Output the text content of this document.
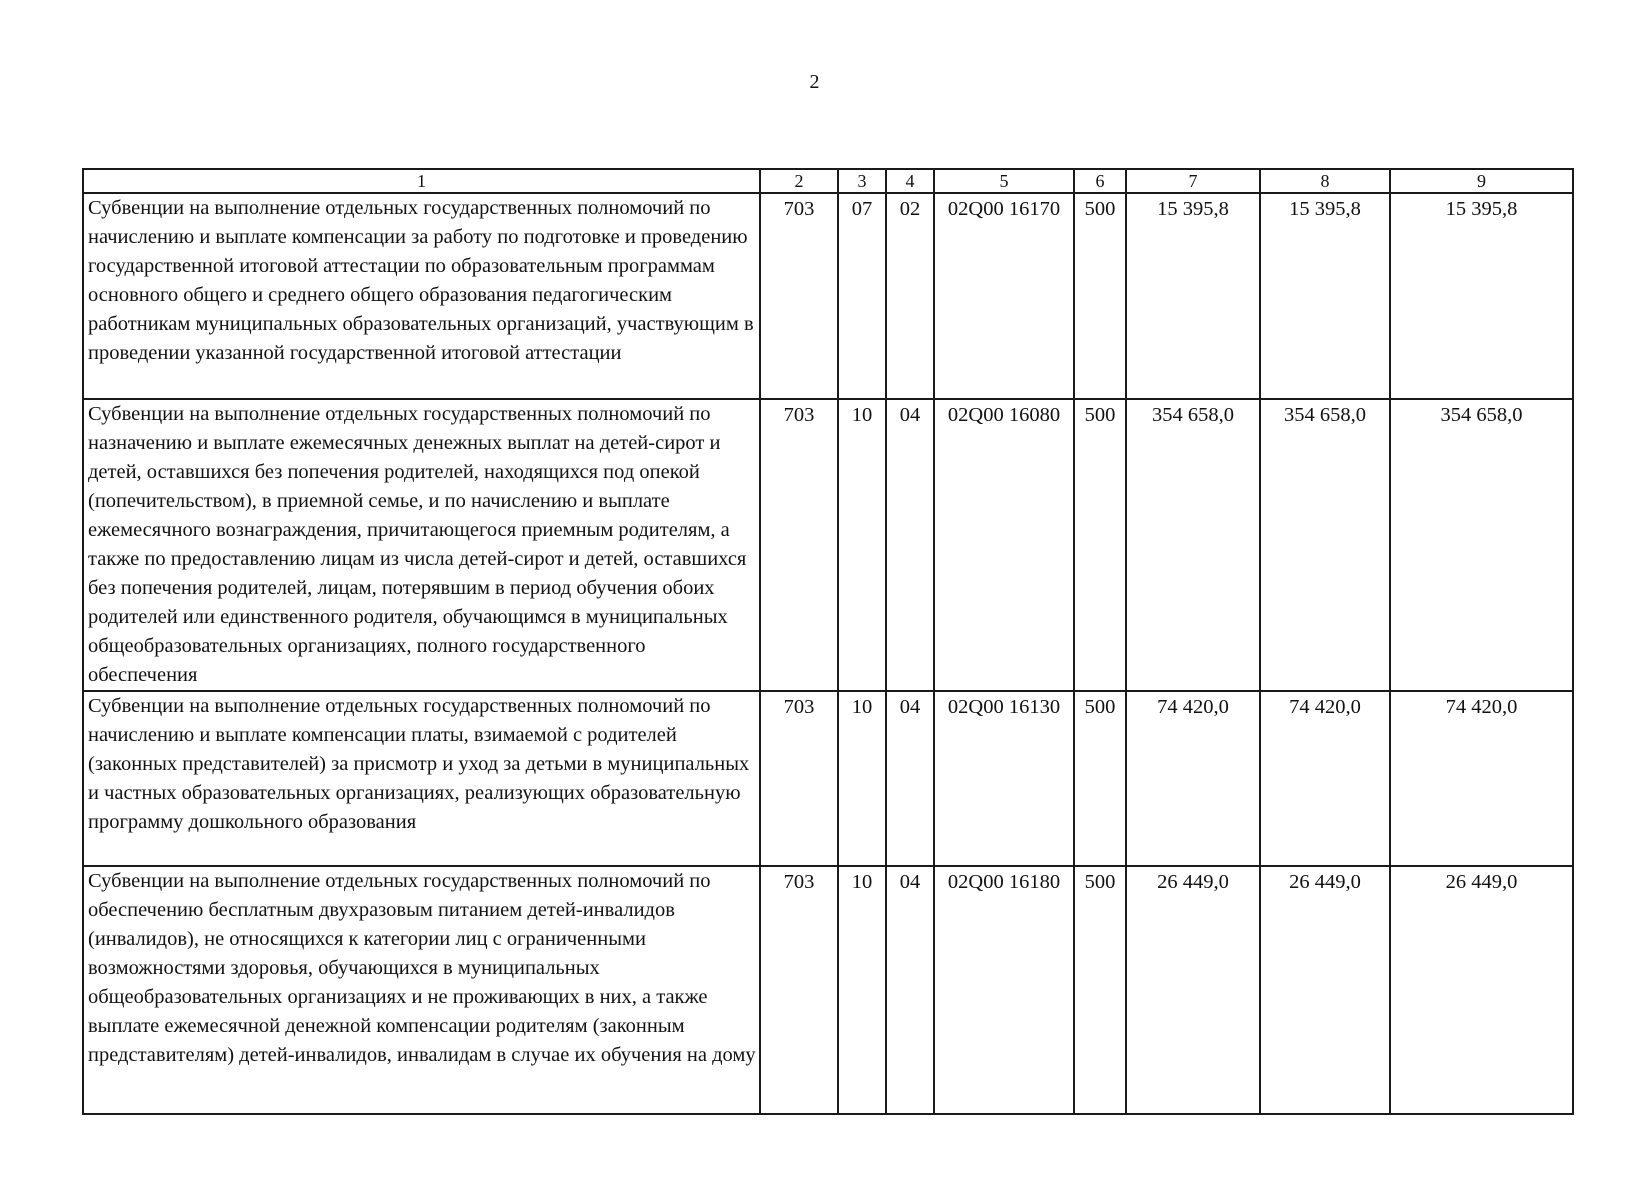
2
1	2	3	4	5	6	7	8	9
Субвенции на выполнение отдельных государственных полномочий по начислению и выплате компенсации за работу по подготовке и проведению государственной итоговой аттестации по образовательным программам основного общего и среднего общего образования педагогическим работникам муниципальных образовательных организаций, участвующим в проведении указанной государственной итоговой аттестации	703	07	02	02Q00 16170	500	15 395,8	15 395,8	15 395,8
Субвенции на выполнение отдельных государственных полномочий по назначению и выплате ежемесячных денежных выплат на детей-сирот и детей, оставшихся без попечения родителей, находящихся под опекой (попечительством), в приемной семье, и по начислению и выплате ежемесячного вознаграждения, причитающегося приемным родителям, а также по предоставлению лицам из числа детей-сирот и детей, оставшихся без попечения родителей, лицам, потерявшим в период обучения обоих родителей или единственного родителя, обучающимся в муниципальных общеобразовательных организациях, полного государственного обеспечения	703	10	04	02Q00 16080	500	354 658,0	354 658,0	354 658,0
Субвенции на выполнение отдельных государственных полномочий по начислению и выплате компенсации платы, взимаемой с родителей (законных представителей) за присмотр и уход за детьми в муниципальных и частных образовательных организациях, реализующих образовательную программу дошкольного образования	703	10	04	02Q00 16130	500	74 420,0	74 420,0	74 420,0
Субвенции на выполнение отдельных государственных полномочий по обеспечению бесплатным двухразовым питанием детей-инвалидов (инвалидов), не относящихся к категории лиц с ограниченными возможностями здоровья, обучающихся в муниципальных общеобразовательных организациях и не проживающих в них, а также выплате ежемесячной денежной компенсации родителям (законным представителям) детей-инвалидов, инвалидам в случае их обучения на дому	703	10	04	02Q00 16180	500	26 449,0	26 449,0	26 449,0
